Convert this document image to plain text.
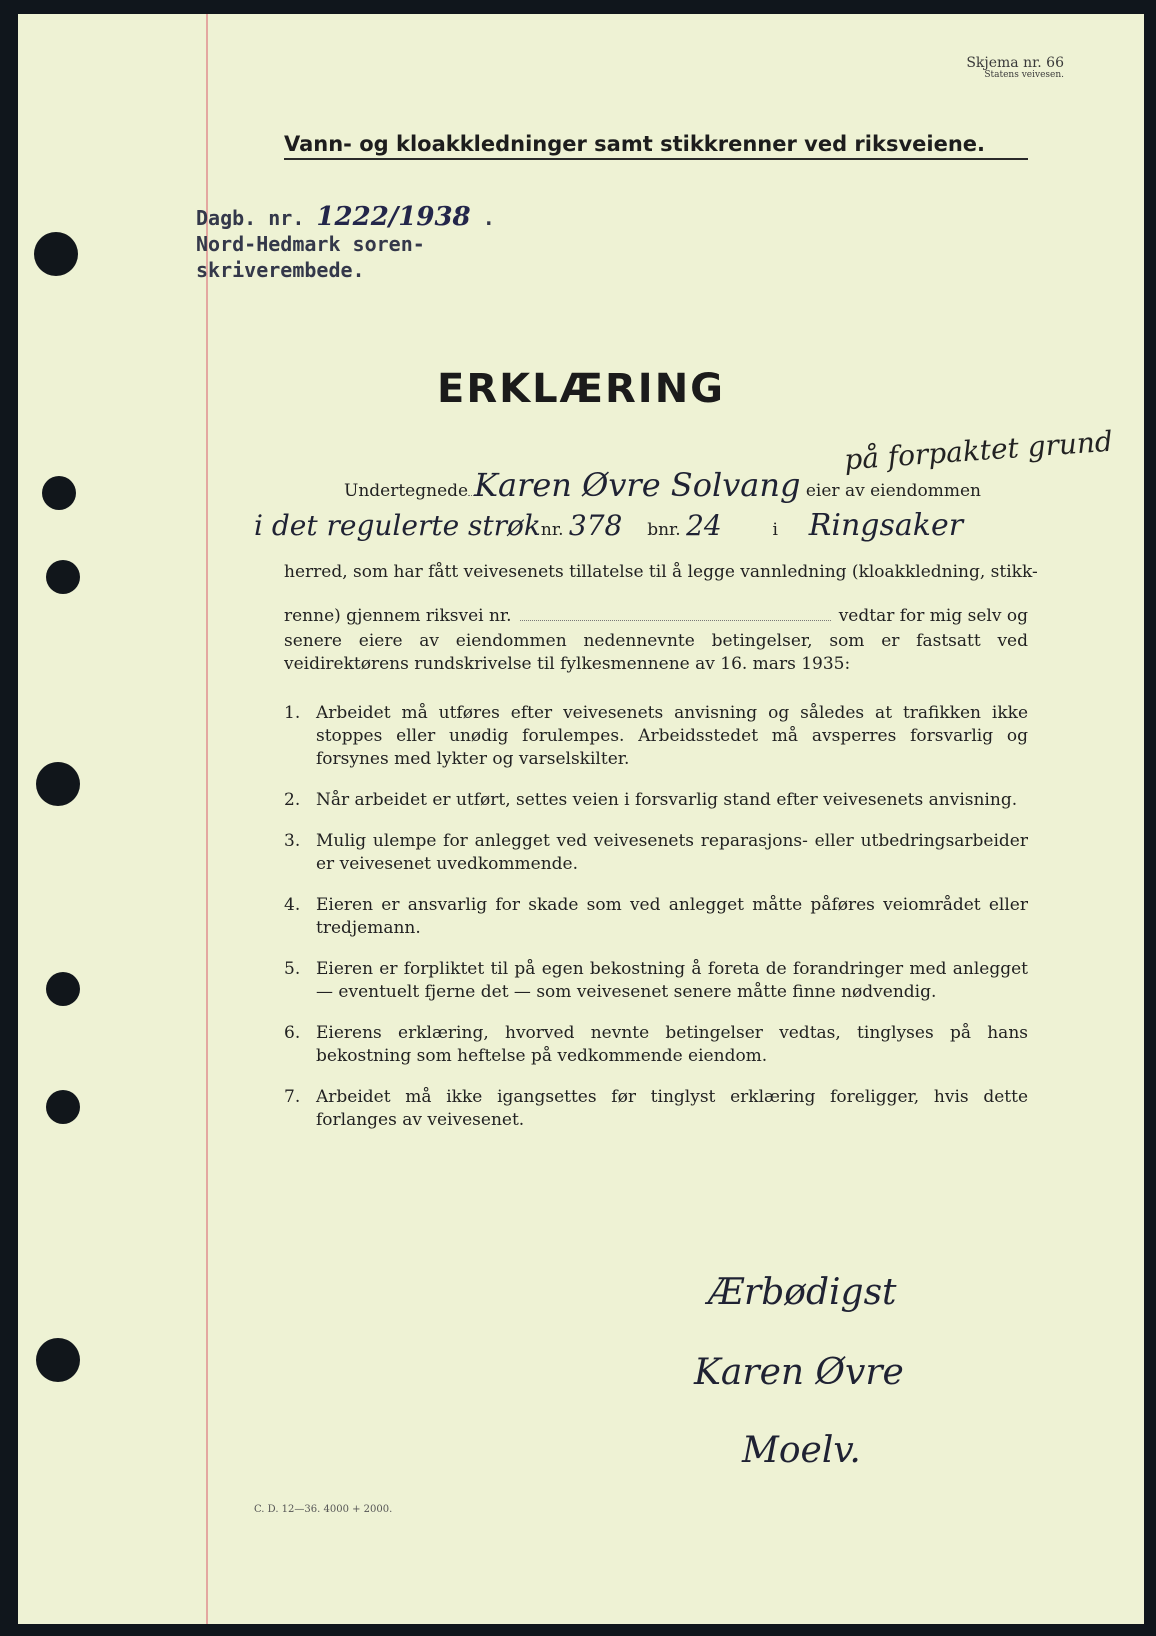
Skjema nr. 66
Statens veivesen.
Vann- og kloakkledninger samt stikkrenner ved riksveiene.
Dagb. nr. 1222/1938 .
Nord-Hedmark soren-
skriverembede.
ERKLÆRING
på forpaktet grund
Undertegnede Karen Øvre Solvang eier av eiendommen
i det regulerte strøknr. 378 bnr. 24	i Ringsaker
herred, som har fått veivesenets tillatelse til å legge vannledning (kloakkledning, stikk-
renne) gjennem riksvei nr.	vedtar for mig selv og
senere eiere av eiendommen nedennevnte betingelser, som er fastsatt ved veidirektørens rundskrivelse til fylkesmennene av 16. mars 1935:
1. Arbeidet må utføres efter veivesenets anvisning og således at trafikken ikke stoppes eller unødig forulempes. Arbeidsstedet må avsperres forsvarlig og forsynes med lykter og varselskilter.
2. Når arbeidet er utført, settes veien i forsvarlig stand efter veivesenets anvisning.
3. Mulig ulempe for anlegget ved veivesenets reparasjons- eller utbedringsarbeider er veivesenet uvedkommende.
4. Eieren er ansvarlig for skade som ved anlegget måtte påføres veiområdet eller tredjemann.
5. Eieren er forpliktet til på egen bekostning å foreta de forandringer med anlegget — eventuelt fjerne det — som veivesenet senere måtte finne nødvendig.
6. Eierens erklæring, hvorved nevnte betingelser vedtas, tinglyses på hans bekostning som heftelse på vedkommende eiendom.
7. Arbeidet må ikke igangsettes før tinglyst erklæring foreligger, hvis dette forlanges av veivesenet.
Ærbødigst
Karen Øvre
Moelv.
C. D. 12—36. 4000 + 2000.
